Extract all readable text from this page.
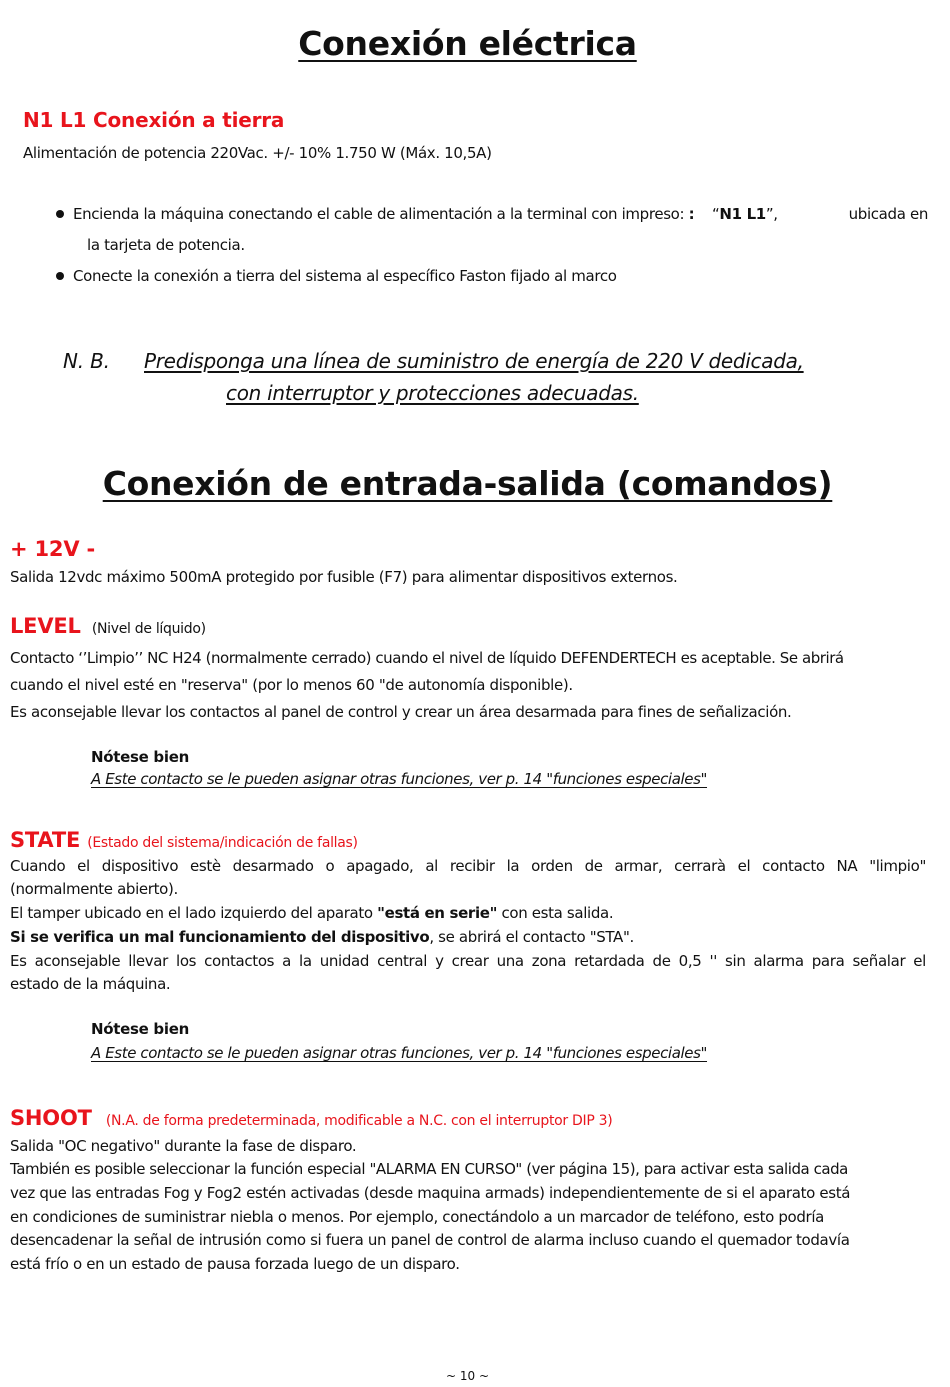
Conexión eléctrica
N1 L1 Conexión a tierra
Alimentación de potencia 220Vac. +/- 10% 1.750 W (Máx. 10,5A)
Encienda la máquina conectando el cable de alimentación a la terminal con impreso: : “N1 L1”,	ubicada en
la tarjeta de potencia.
Conecte la conexión a tierra del sistema al específico Faston fijado al marco
N. B. Predisponga una línea de suministro de energía de 220 V dedicada,
con interruptor y protecciones adecuadas.
Conexión de entrada-salida (comandos)
+ 12V -
Salida 12vdc máximo 500mA protegido por fusible (F7) para alimentar dispositivos externos.
LEVEL (Nivel de líquido)
Contacto ‘’Limpio’’ NC H24 (normalmente cerrado) cuando el nivel de líquido DEFENDERTECH es aceptable. Se abrirá
cuando el nivel esté en "reserva" (por lo menos 60 "de autonomía disponible).
Es aconsejable llevar los contactos al panel de control y crear un área desarmada para fines de señalización.
Nótese bien
A Este contacto se le pueden asignar otras funciones, ver p. 14 "funciones especiales"
STATE (Estado del sistema/indicación de fallas)
Cuando el dispositivo estè desarmado o apagado, al recibir la orden de armar, cerrarà el contacto NA "limpio"
(normalmente abierto).
El tamper ubicado en el lado izquierdo del aparato "está en serie" con esta salida.
Si se verifica un mal funcionamiento del dispositivo, se abrirá el contacto "STA".
Es aconsejable llevar los contactos a la unidad central y crear una zona retardada de 0,5 '' sin alarma para señalar el
estado de la máquina.
Nótese bien
A Este contacto se le pueden asignar otras funciones, ver p. 14 "funciones especiales"
SHOOT (N.A. de forma predeterminada, modificable a N.C. con el interruptor DIP 3)
Salida "OC negativo" durante la fase de disparo.
También es posible seleccionar la función especial "ALARMA EN CURSO" (ver página 15), para activar esta salida cada
vez que las entradas Fog y Fog2 estén activadas (desde maquina armads) independientemente de si el aparato está
en condiciones de suministrar niebla o menos. Por ejemplo, conectándolo a un marcador de teléfono, esto podría
desencadenar la señal de intrusión como si fuera un panel de control de alarma incluso cuando el quemador todavía
está frío o en un estado de pausa forzada luego de un disparo.
~ 10 ~
